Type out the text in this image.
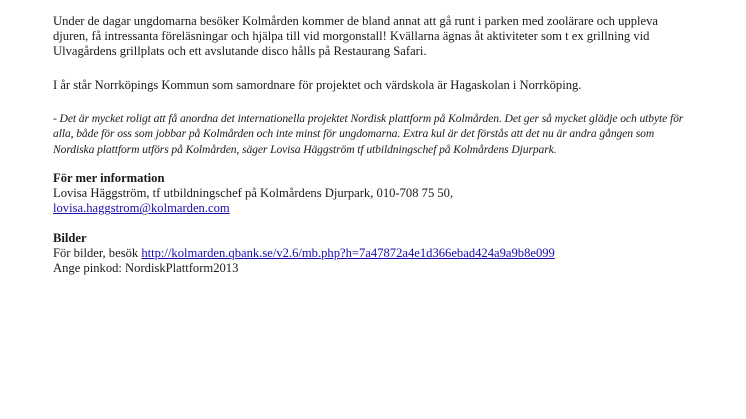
Under de dagar ungdomarna besöker Kolmården kommer de bland annat att gå runt i parken med zoolärare och uppleva djuren, få intressanta föreläsningar och hjälpa till vid morgonstall! Kvällarna ägnas åt aktiviteter som t ex grillning vid Ulvagårdens grillplats och ett avslutande disco hålls på Restaurang Safari.

I år står Norrköpings Kommun som samordnare för projektet och värdskola är Hagaskolan i Norrköping.

- Det är mycket roligt att få anordna det internationella projektet Nordisk plattform på Kolmården. Det ger så mycket glädje och utbyte för alla, både för oss som jobbar på Kolmården och inte minst för ungdomarna. Extra kul är det förstås att det nu är andra gången som Nordiska plattform utförs på Kolmården, säger Lovisa Häggström tf utbildningschef på Kolmårdens Djurpark.

För mer information

Lovisa Häggström, tf utbildningschef på Kolmårdens Djurpark, 010-708 75 50,

lovisa.haggstrom@kolmarden.com

Bilder

För bilder, besök http://kolmarden.qbank.se/v2.6/mb.php?h=7a47872a4e1d366ebad424a9a9b8e099

Ange pinkod: NordiskPlattform2013
